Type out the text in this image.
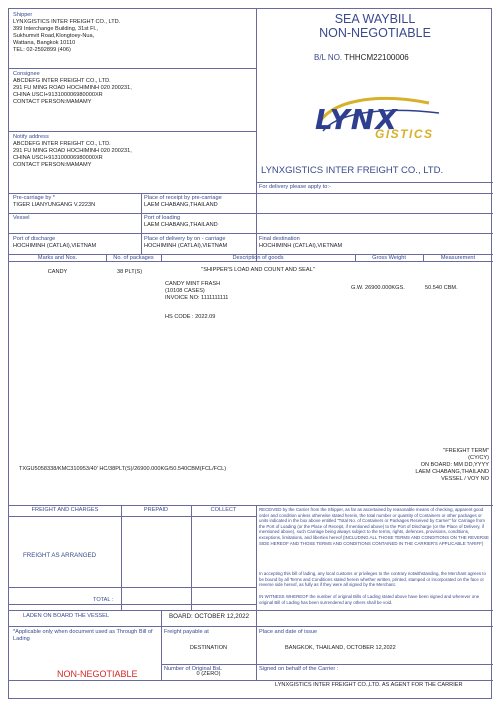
Shipper
LYNXGISTICS INTER FREIGHT CO., LTD.
399 Interchange Building, 31st Fl.,
Sukhumvit Road,Klongtoey-Nua,
Wattana, Bangkok 10110
TEL: 02-2592899 (406)
SEA WAYBILL
NON-NEGOTIABLE
B/L NO. THHCM22100006
LYNX
GISTICS
LYNXGISTICS INTER FREIGHT CO., LTD.
Consignee
ABCDEFG INTER FREIGHT CO., LTD.
291 FU MING ROAD HOCHIMINH 020 200231,
CHINA USCI+913100006980000XR
CONTACT PERSON:MAMAMY
Notify address
ABCDEFG INTER FREIGHT CO., LTD.
291 FU MING ROAD HOCHIMINH 020 200231,
CHINA USCI+913100006980000XR
CONTACT PERSON:MAMAMY
For delivery please apply to:-
Pre-carriage by *
TIGER LIANYUNGANG V.2223N
Place of receipt by pre-carriage
LAEM CHABANG,THAILAND
Vessel	Port of loading
LAEM CHABANG,THAILAND
Port of discharge
HOCHIMINH (CATLAI),VIETNAM
Place of delivery by on - carriage
HOCHIMINH (CATLAI),VIETNAM
Final destination
HOCHIMINH (CATLAI),VIETNAM
Marks and Nos.	No. of packages	Description of goods	Gross Weight	Measurement
CANDY	38 PLT(S)	"SHIPPER'S LOAD AND COUNT AND SEAL"
CANDY MINT FRASH
(10108 CASES)
INVOICE NO: 1111111111
HS CODE : 2022.09
G.W. 26900.000KGS.	50.540 CBM.
"FREIGHT TERM"
(CY/CY)
ON BOARD: MM DD,YYYY
LAEM CHABANG,THAILAND
VESSEL / VOY NO
TXGU5058338/KMC310953/40' HC/38PLT(S)/26900.000KG/50.540CBM(FCL/FCL)
FREIGHT AND CHARGES	PREPAID	COLLECT
FREIGHT AS ARRANGED
TOTAL :
RECEIVED by the Carrier from the Shipper, as far as ascertained by reasonable means of checking, apparent good order and condition unless otherwise stated herein, the total number or quantity of Containers or other packages or units indicated in the box above entitled "Total No. of Containers or Packages Received by Carrier" for Carriage from the Port of Loading (or the Place of Receipt, if mentioned above) to the Port of Discharge (or the Place of Delivery, if mentioned above), such Carriage being always subject to the terms, rights, defences, provisions, conditions, exceptions, limitations, and liberties hereof (INCLUDING ALL THOSE TERMS AND CONDITIONS ON THE REVERSE SIDE HEREOF AND THOSE TERMS AND CONDITIONS CONTAINED IN THE CARRIER'S APPLICABLE TARIFF)
In accepting this bill of lading, any local customs or privileges to the contrary notwithstanding, the Merchant agrees to be bound by all Terms and Conditions stated herein whether written, printed, stamped or incorporated on the face or reverse side hereof, as fully as if they were all signed by the Merchant.
IN WITNESS WHEREOF the number of original Bills of Lading stated above have been signed and wherever one original Bill of Lading has been surrendered any others shall be void.
LADEN ON BOARD THE VESSEL	BOARD: OCTOBER 12,2022
*Applicable only when document used as Through Bill of Lading
Freight payable at
DESTINATION
Place and date of issue
BANGKOK, THAILAND, OCTOBER 12,2022
NON-NEGOTIABLE	Number of Original BsL
0 (ZERO)
Signed on behalf of the Carrier :
LYNXGISTICS INTER FREIGHT CO.,LTD. AS AGENT FOR THE CARRIER
